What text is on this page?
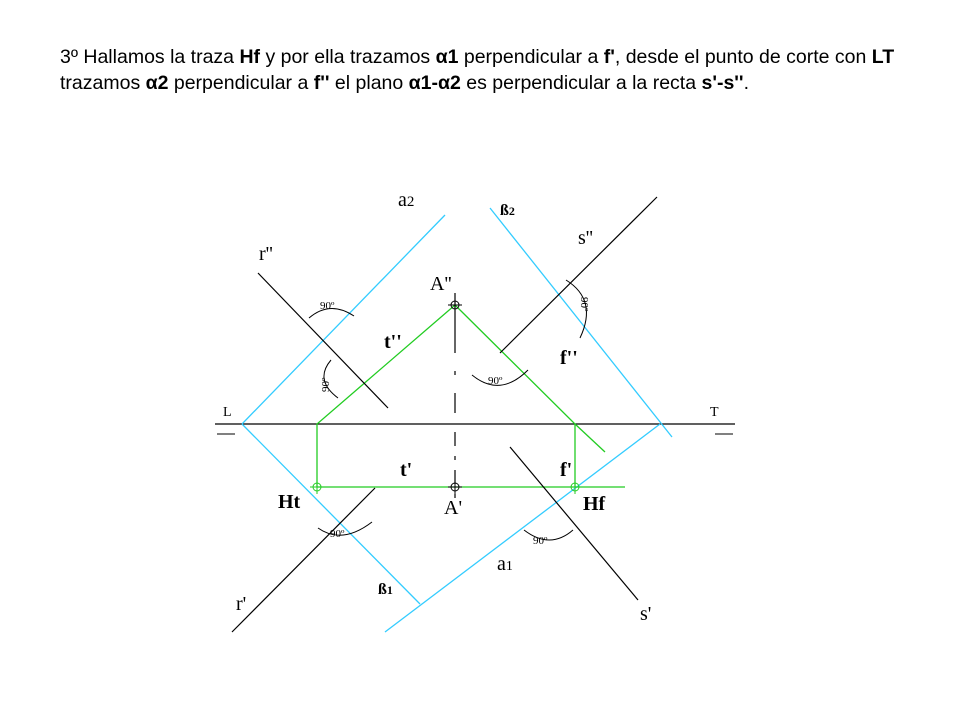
3º Hallamos la traza Hf y por ella trazamos α1 perpendicular a f', desde el punto de corte con LT trazamos α2 perpendicular a f'' el plano α1-α2 es perpendicular a la recta s'-s''.

a2	ß2
r''
s''
A''
t''
f''
L	T
t'	f'
Ht	Hf
A'
a1
ß1
r'	s'
90º
90º	90º
90º
90º
90º
